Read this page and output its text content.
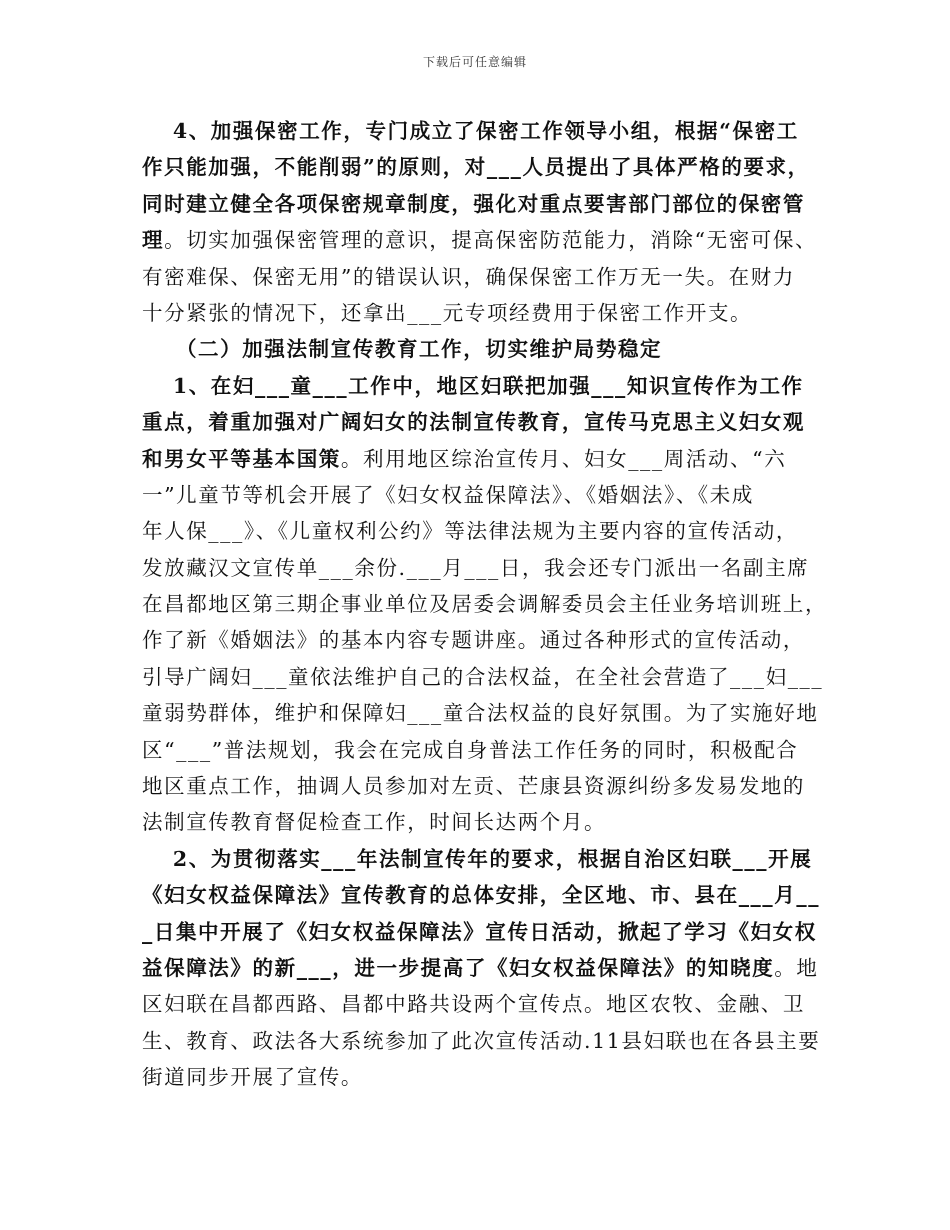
下载后可任意编辑
　 4、加强保密工作，专门成立了保密工作领导小组，根据“保密工
作只能加强，不能削弱”的原则，对___人员提出了具体严格的要求，
同时建立健全各项保密规章制度，强化对重点要害部门部位的保密管
理。切实加强保密管理的意识，提高保密防范能力，消除“无密可保、
有密难保、保密无用”的错误认识，确保保密工作万无一失。在财力
十分紧张的情况下，还拿出___元专项经费用于保密工作开支。
　　（二）加强法制宣传教育工作，切实维护局势稳定
　 1、在妇___童___工作中，地区妇联把加强___知识宣传作为工作
重点，着重加强对广阔妇女的法制宣传教育，宣传马克思主义妇女观
和男女平等基本国策。利用地区综治宣传月、妇女___周活动、“六
一”儿童节等机会开展了《妇女权益保障法》、《婚姻法》、《未成
年人保___》、《儿童权利公约》等法律法规为主要内容的宣传活动，
发放藏汉文宣传单___余份.___月___日，我会还专门派出一名副主席
在昌都地区第三期企事业单位及居委会调解委员会主任业务培训班上，
作了新《婚姻法》的基本内容专题讲座。通过各种形式的宣传活动，
引导广阔妇___童依法维护自己的合法权益，在全社会营造了___妇___
童弱势群体，维护和保障妇___童合法权益的良好氛围。为了实施好地
区“___”普法规划，我会在完成自身普法工作任务的同时，积极配合
地区重点工作，抽调人员参加对左贡、芒康县资源纠纷多发易发地的
法制宣传教育督促检查工作，时间长达两个月。
　 2、为贯彻落实___年法制宣传年的要求，根据自治区妇联___开展
《妇女权益保障法》宣传教育的总体安排，全区地、市、县在___月__
_日集中开展了《妇女权益保障法》宣传日活动，掀起了学习《妇女权
益保障法》的新___，进一步提高了《妇女权益保障法》的知晓度。地
区妇联在昌都西路、昌都中路共设两个宣传点。地区农牧、金融、卫
生、教育、政法各大系统参加了此次宣传活动.11县妇联也在各县主要
街道同步开展了宣传。
